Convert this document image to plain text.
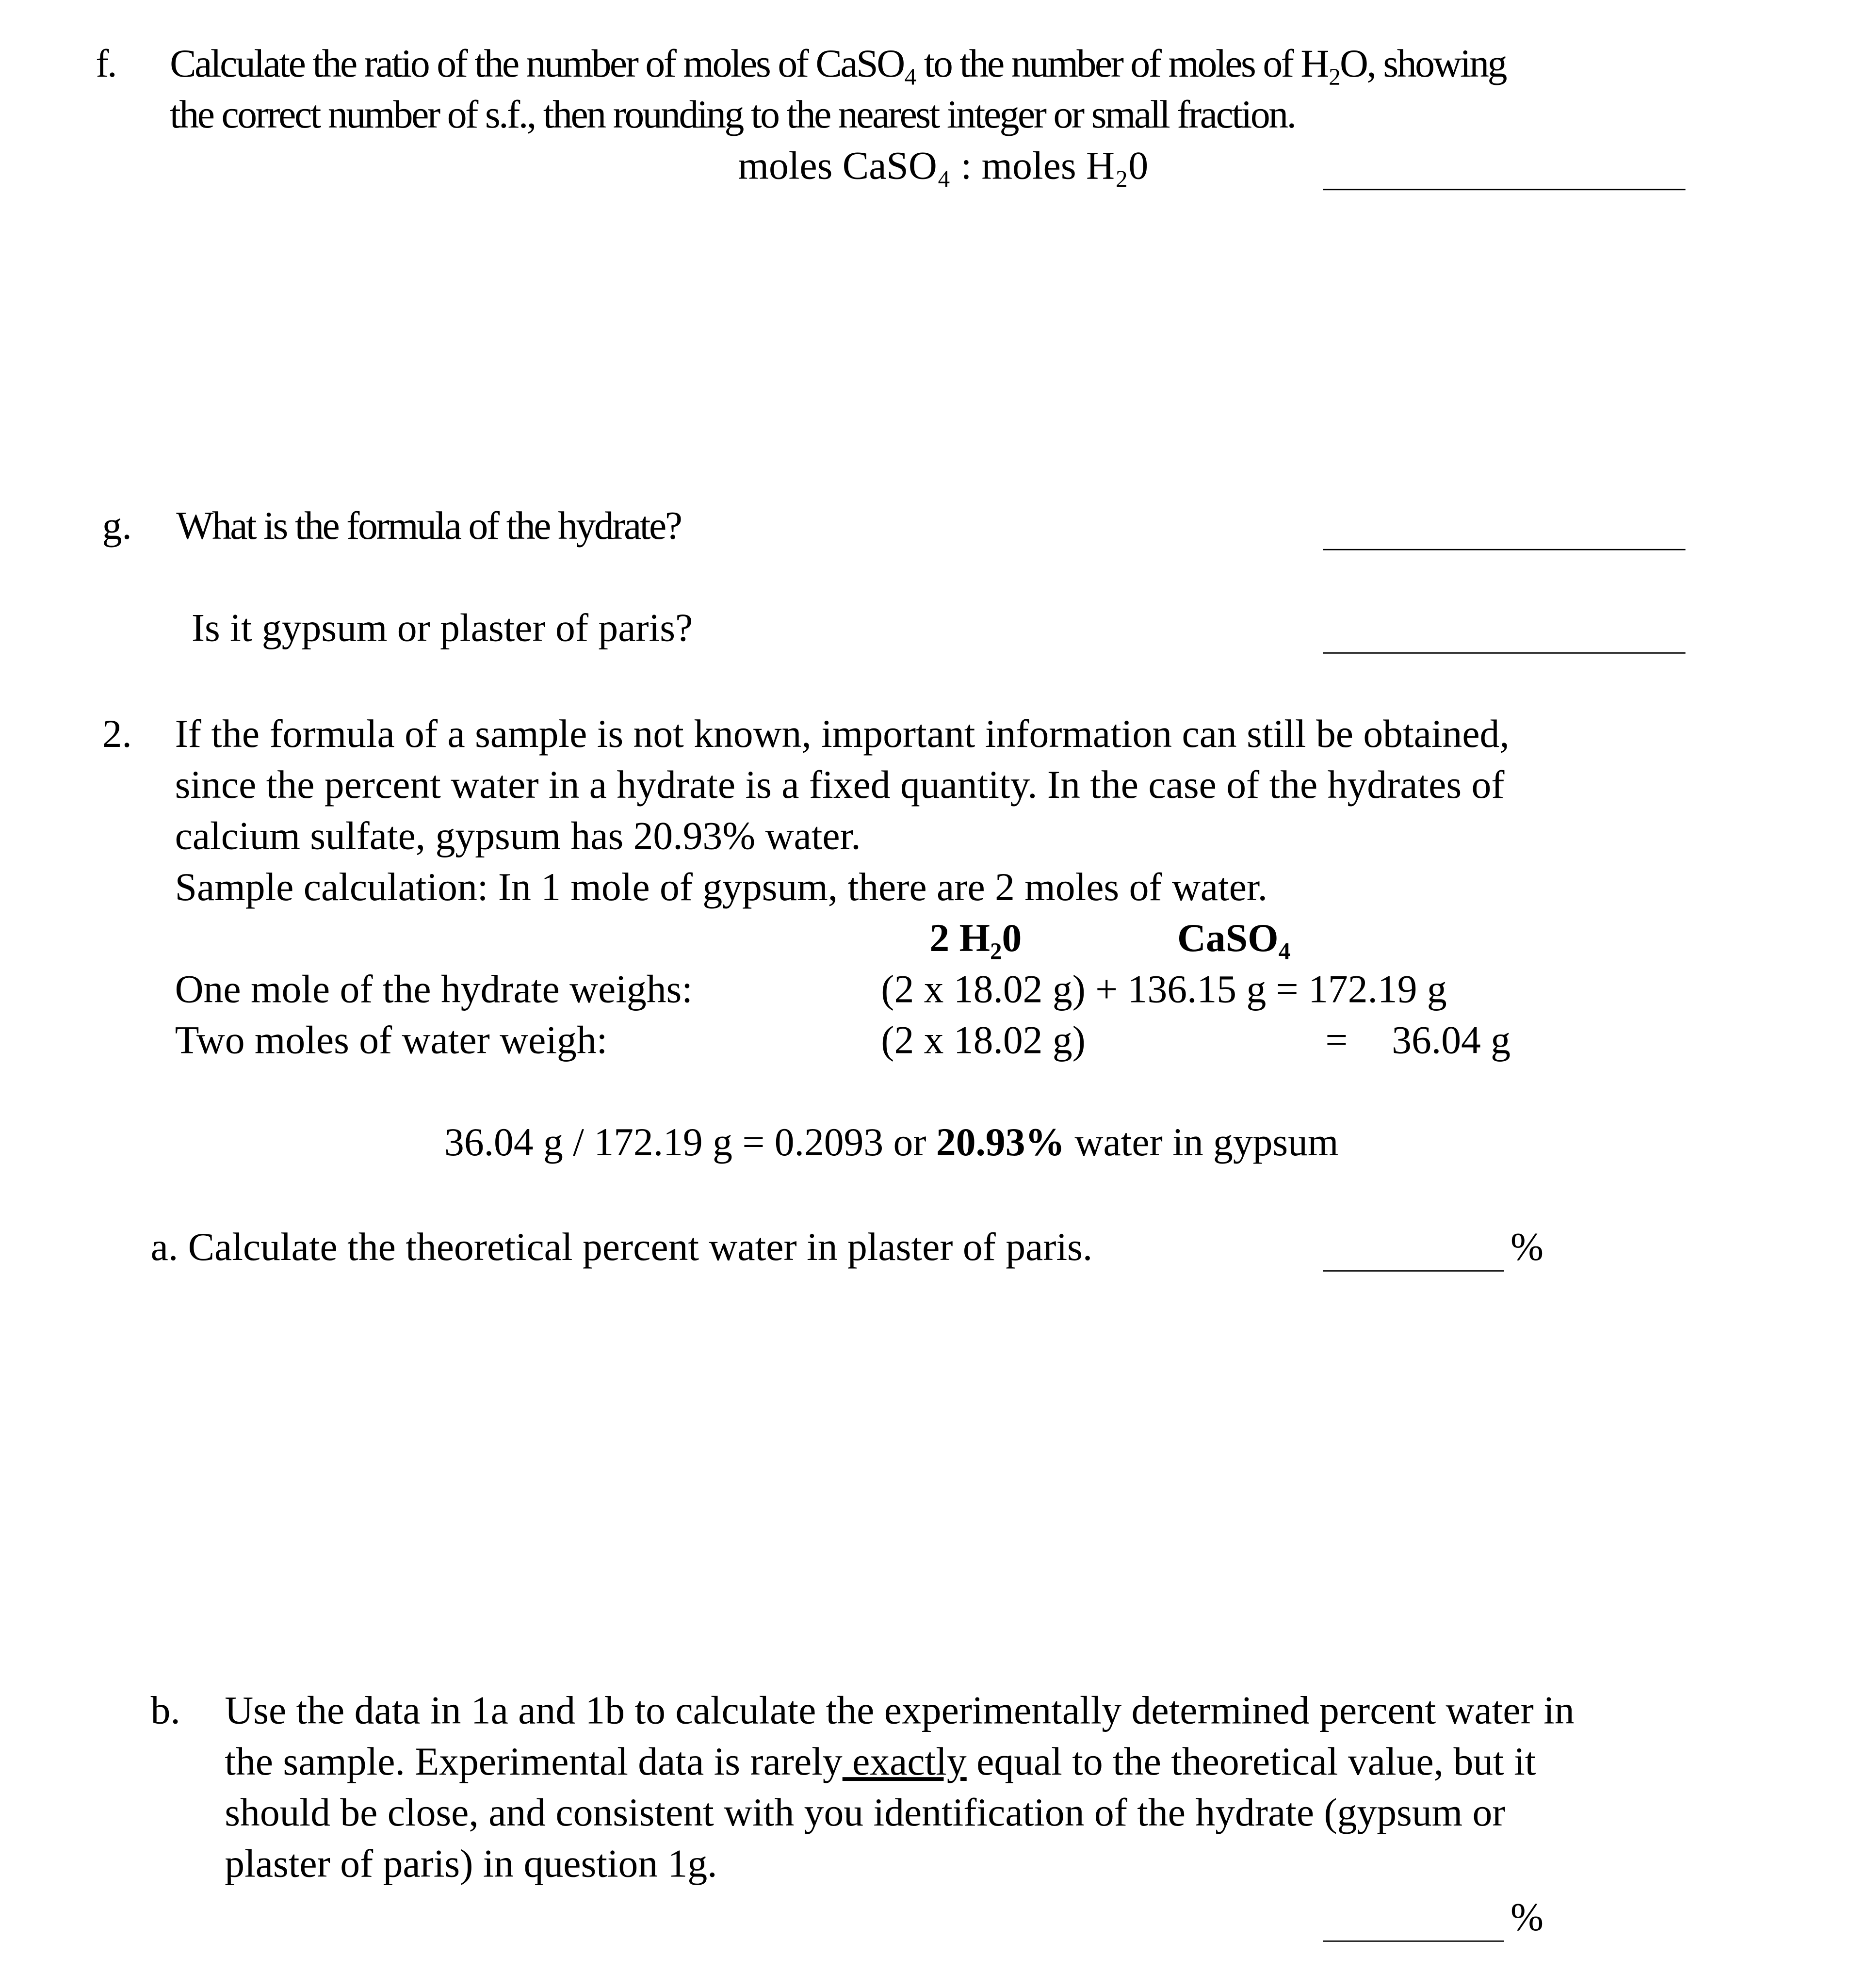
f.	Calculate the ratio of the number of moles of CaSO₄ to the number of moles of H₂O, showing
the correct number of s.f., then rounding to the nearest integer or small fraction.
moles CaSO₄ : moles H₂0
g.	What is the formula of the hydrate?
Is it gypsum or plaster of paris?
2.	If the formula of a sample is not known, important information can still be obtained,
since the percent water in a hydrate is a fixed quantity. In the case of the hydrates of
calcium sulfate, gypsum has 20.93% water.
Sample calculation: In 1 mole of gypsum, there are 2 moles of water.
2 H₂0	CaSO₄
One mole of the hydrate weighs:	(2 x 18.02 g) + 136.15 g = 172.19 g
Two moles of water weigh:	(2 x 18.02 g)	=	36.04 g
36.04 g / 172.19 g = 0.2093 or 20.93% water in gypsum
a. Calculate the theoretical percent water in plaster of paris.	%
b.	Use the data in 1a and 1b to calculate the experimentally determined percent water in
the sample. Experimental data is rarely exactly equal to the theoretical value, but it
should be close, and consistent with you identification of the hydrate (gypsum or
plaster of paris) in question 1g.
%
